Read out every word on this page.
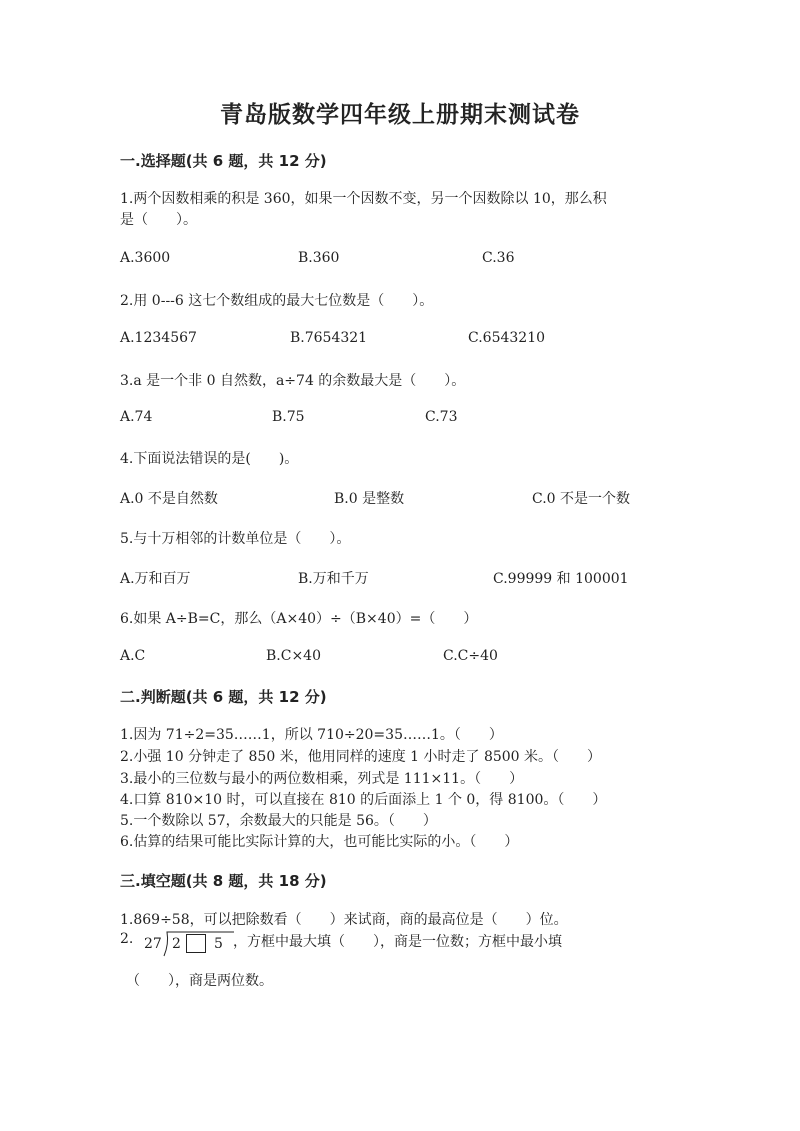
青岛版数学四年级上册期末测试卷
一.选择题(共 6 题，共 12 分)
1.两个因数相乘的积是 360，如果一个因数不变，另一个因数除以 10，那么积
是（　　）。
A.3600	B.360	C.36
2.用 0---6 这七个数组成的最大七位数是（　　）。
A.1234567	B.7654321	C.6543210
3.a 是一个非 0 自然数，a÷74 的余数最大是（　　）。
A.74	B.75	C.73
4.下面说法错误的是(　　)。
A.0 不是自然数	B.0 是整数	C.0 不是一个数
5.与十万相邻的计数单位是（　　）。
A.万和百万	B.万和千万	C.99999 和 100001
6.如果 A÷B=C，那么（A×40）÷（B×40）=（　　）
A.C	B.C×40	C.C÷40
二.判断题(共 6 题，共 12 分)
1.因为 71÷2=35……1，所以 710÷20=35……1。（　　）
2.小强 10 分钟走了 850 米，他用同样的速度 1 小时走了 8500 米。（　　）
3.最小的三位数与最小的两位数相乘，列式是 111×11。（　　）
4.口算 810×10 时，可以直接在 810 的后面添上 1 个 0，得 8100。（　　）
5.一个数除以 57，余数最大的只能是 56。（　　）
6.估算的结果可能比实际计算的大，也可能比实际的小。（　　）
三.填空题(共 8 题，共 18 分)
1.869÷58，可以把除数看（　　）来试商，商的最高位是（　　）位。
2. 27 2 5 ，方框中最大填（　　），商是一位数；方框中最小填
（　　），商是两位数。
